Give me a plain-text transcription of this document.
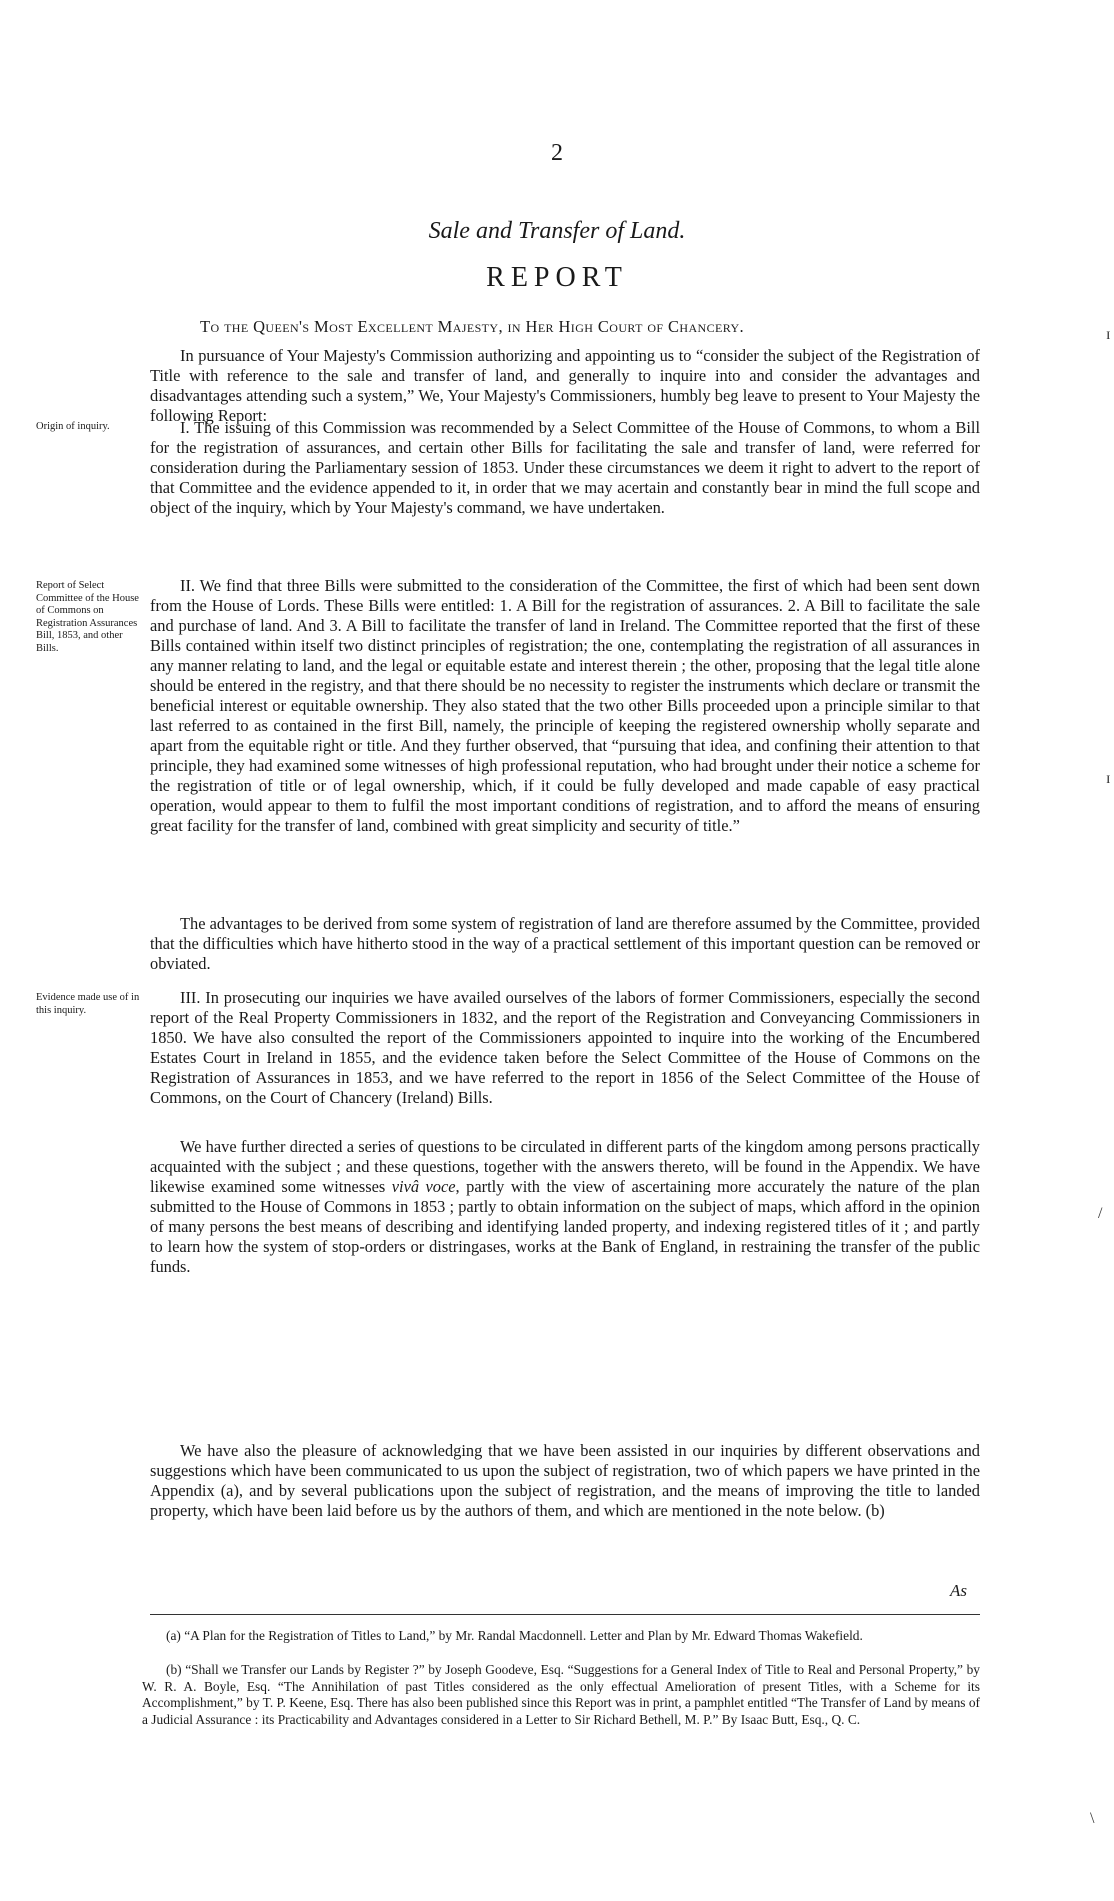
2
Sale and Transfer of Land.
REPORT
To the Queen's Most Excellent Majesty, in Her High Court of Chancery.

In pursuance of Your Majesty's Commission authorizing and appointing us to “consider the subject of the Registration of Title with reference to the sale and transfer of land, and generally to inquire into and consider the advantages and disadvantages attending such a system,” We, Your Majesty's Commissioners, humbly beg leave to present to Your Majesty the following Report:

Origin of inquiry.	I. The issuing of this Commission was recommended by a Select Committee of the House of Commons, to whom a Bill for the registration of assurances, and certain other Bills for facilitating the sale and transfer of land, were referred for consideration during the Parliamentary session of 1853. Under these circumstances we deem it right to advert to the report of that Committee and the evidence appended to it, in order that we may acertain and constantly bear in mind the full scope and object of the inquiry, which by Your Majesty's command, we have undertaken.

Report of Select Committee of the House of Commons on Registration Assurances Bill, 1853, and other Bills.

II. We find that three Bills were submitted to the consideration of the Committee, the first of which had been sent down from the House of Lords. These Bills were entitled: 1. A Bill for the registration of assurances. 2. A Bill to facilitate the sale and purchase of land. And 3. A Bill to facilitate the transfer of land in Ireland. The Committee reported that the first of these Bills contained within itself two distinct principles of registration; the one, contemplating the registration of all assurances in any manner relating to land, and the legal or equitable estate and interest therein ; the other, proposing that the legal title alone should be entered in the registry, and that there should be no necessity to register the instruments which declare or transmit the beneficial interest or equitable ownership. They also stated that the two other Bills proceeded upon a principle similar to that last referred to as contained in the first Bill, namely, the principle of keeping the registered ownership wholly separate and apart from the equitable right or title. And they further observed, that “pursuing that idea, and confining their attention to that principle, they had examined some witnesses of high professional reputation, who had brought under their notice a scheme for the registration of title or of legal ownership, which, if it could be fully developed and made capable of easy practical operation, would appear to them to fulfil the most important conditions of registration, and to afford the means of ensuring great facility for the transfer of land, combined with great simplicity and security of title.”

The advantages to be derived from some system of registration of land are therefore assumed by the Committee, provided that the difficulties which have hitherto stood in the way of a practical settlement of this important question can be removed or obviated.

Evidence made use of in this inquiry.

III. In prosecuting our inquiries we have availed ourselves of the labors of former Commissioners, especially the second report of the Real Property Commissioners in 1832, and the report of the Registration and Conveyancing Commissioners in 1850. We have also consulted the report of the Commissioners appointed to inquire into the working of the Encumbered Estates Court in Ireland in 1855, and the evidence taken before the Select Committee of the House of Commons on the Registration of Assurances in 1853, and we have referred to the report in 1856 of the Select Committee of the House of Commons, on the Court of Chancery (Ireland) Bills.

We have further directed a series of questions to be circulated in different parts of the kingdom among persons practically acquainted with the subject ; and these questions, together with the answers thereto, will be found in the Appendix. We have likewise examined some witnesses vivâ voce, partly with the view of ascertaining more accurately the nature of the plan submitted to the House of Commons in 1853 ; partly to obtain information on the subject of maps, which afford in the opinion of many persons the best means of describing and identifying landed property, and indexing registered titles of it ; and partly to learn how the system of stop-orders or distringases, works at the Bank of England, in restraining the transfer of the public funds.

We have also the pleasure of acknowledging that we have been assisted in our inquiries by different observations and suggestions which have been communicated to us upon the subject of registration, two of which papers we have printed in the Appendix (a), and by several publications upon the subject of registration, and the means of improving the title to landed property, which have been laid before us by the authors of them, and which are mentioned in the note below. (b)

As

(a) “A Plan for the Registration of Titles to Land,” by Mr. Randal Macdonnell. Letter and Plan by Mr. Edward Thomas Wakefield.

(b) “Shall we Transfer our Lands by Register ?” by Joseph Goodeve, Esq. “Suggestions for a General Index of Title to Real and Personal Property,” by W. R. A. Boyle, Esq. “The Annihilation of past Titles considered as the only effectual Amelioration of present Titles, with a Scheme for its Accomplishment,” by T. P. Keene, Esq. There has also been published since this Report was in print, a pamphlet entitled “The Transfer of Land by means of a Judicial Assurance : its Practicability and Advantages considered in a Letter to Sir Richard Bethell, M. P.” By Isaac Butt, Esq., Q. C.

ɪ
ɪ
/
\
